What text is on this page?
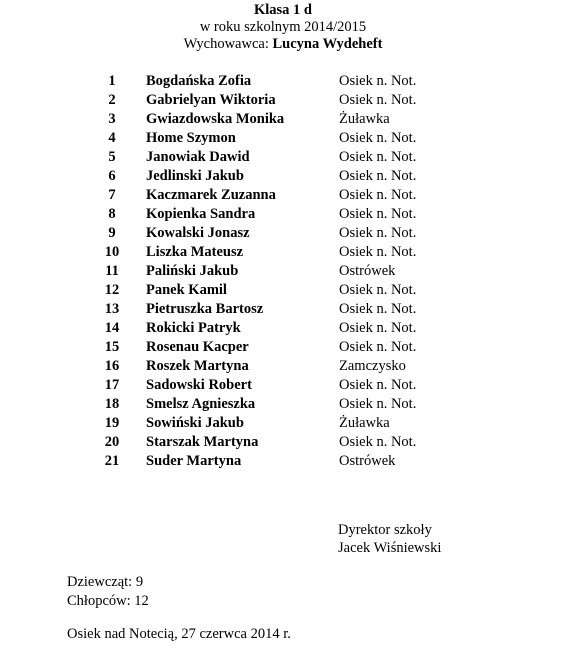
Klasa 1 d
w roku szkolnym 2014/2015
Wychowawca: Lucyna Wydeheft
1	Bogdańska Zofia	Osiek n. Not.
2	Gabrielyan Wiktoria	Osiek n. Not.
3	Gwiazdowska Monika	Żuławka
4	Home Szymon	Osiek n. Not.
5	Janowiak Dawid	Osiek n. Not.
6	Jedlinski Jakub	Osiek n. Not.
7	Kaczmarek Zuzanna	Osiek n. Not.
8	Kopienka Sandra	Osiek n. Not.
9	Kowalski Jonasz	Osiek n. Not.
10	Liszka Mateusz	Osiek n. Not.
11	Paliński Jakub	Ostrówek
12	Panek Kamil	Osiek n. Not.
13	Pietruszka Bartosz	Osiek n. Not.
14	Rokicki Patryk	Osiek n. Not.
15	Rosenau Kacper	Osiek n. Not.
16	Roszek Martyna	Zamczysko
17	Sadowski Robert	Osiek n. Not.
18	Smelsz Agnieszka	Osiek n. Not.
19	Sowiński Jakub	Żuławka
20	Starszak Martyna	Osiek n. Not.
21	Suder Martyna	Ostrówek
Dyrektor szkoły
Jacek Wiśniewski
Dziewcząt: 9
Chłopców: 12
Osiek nad Notecią, 27 czerwca 2014 r.
